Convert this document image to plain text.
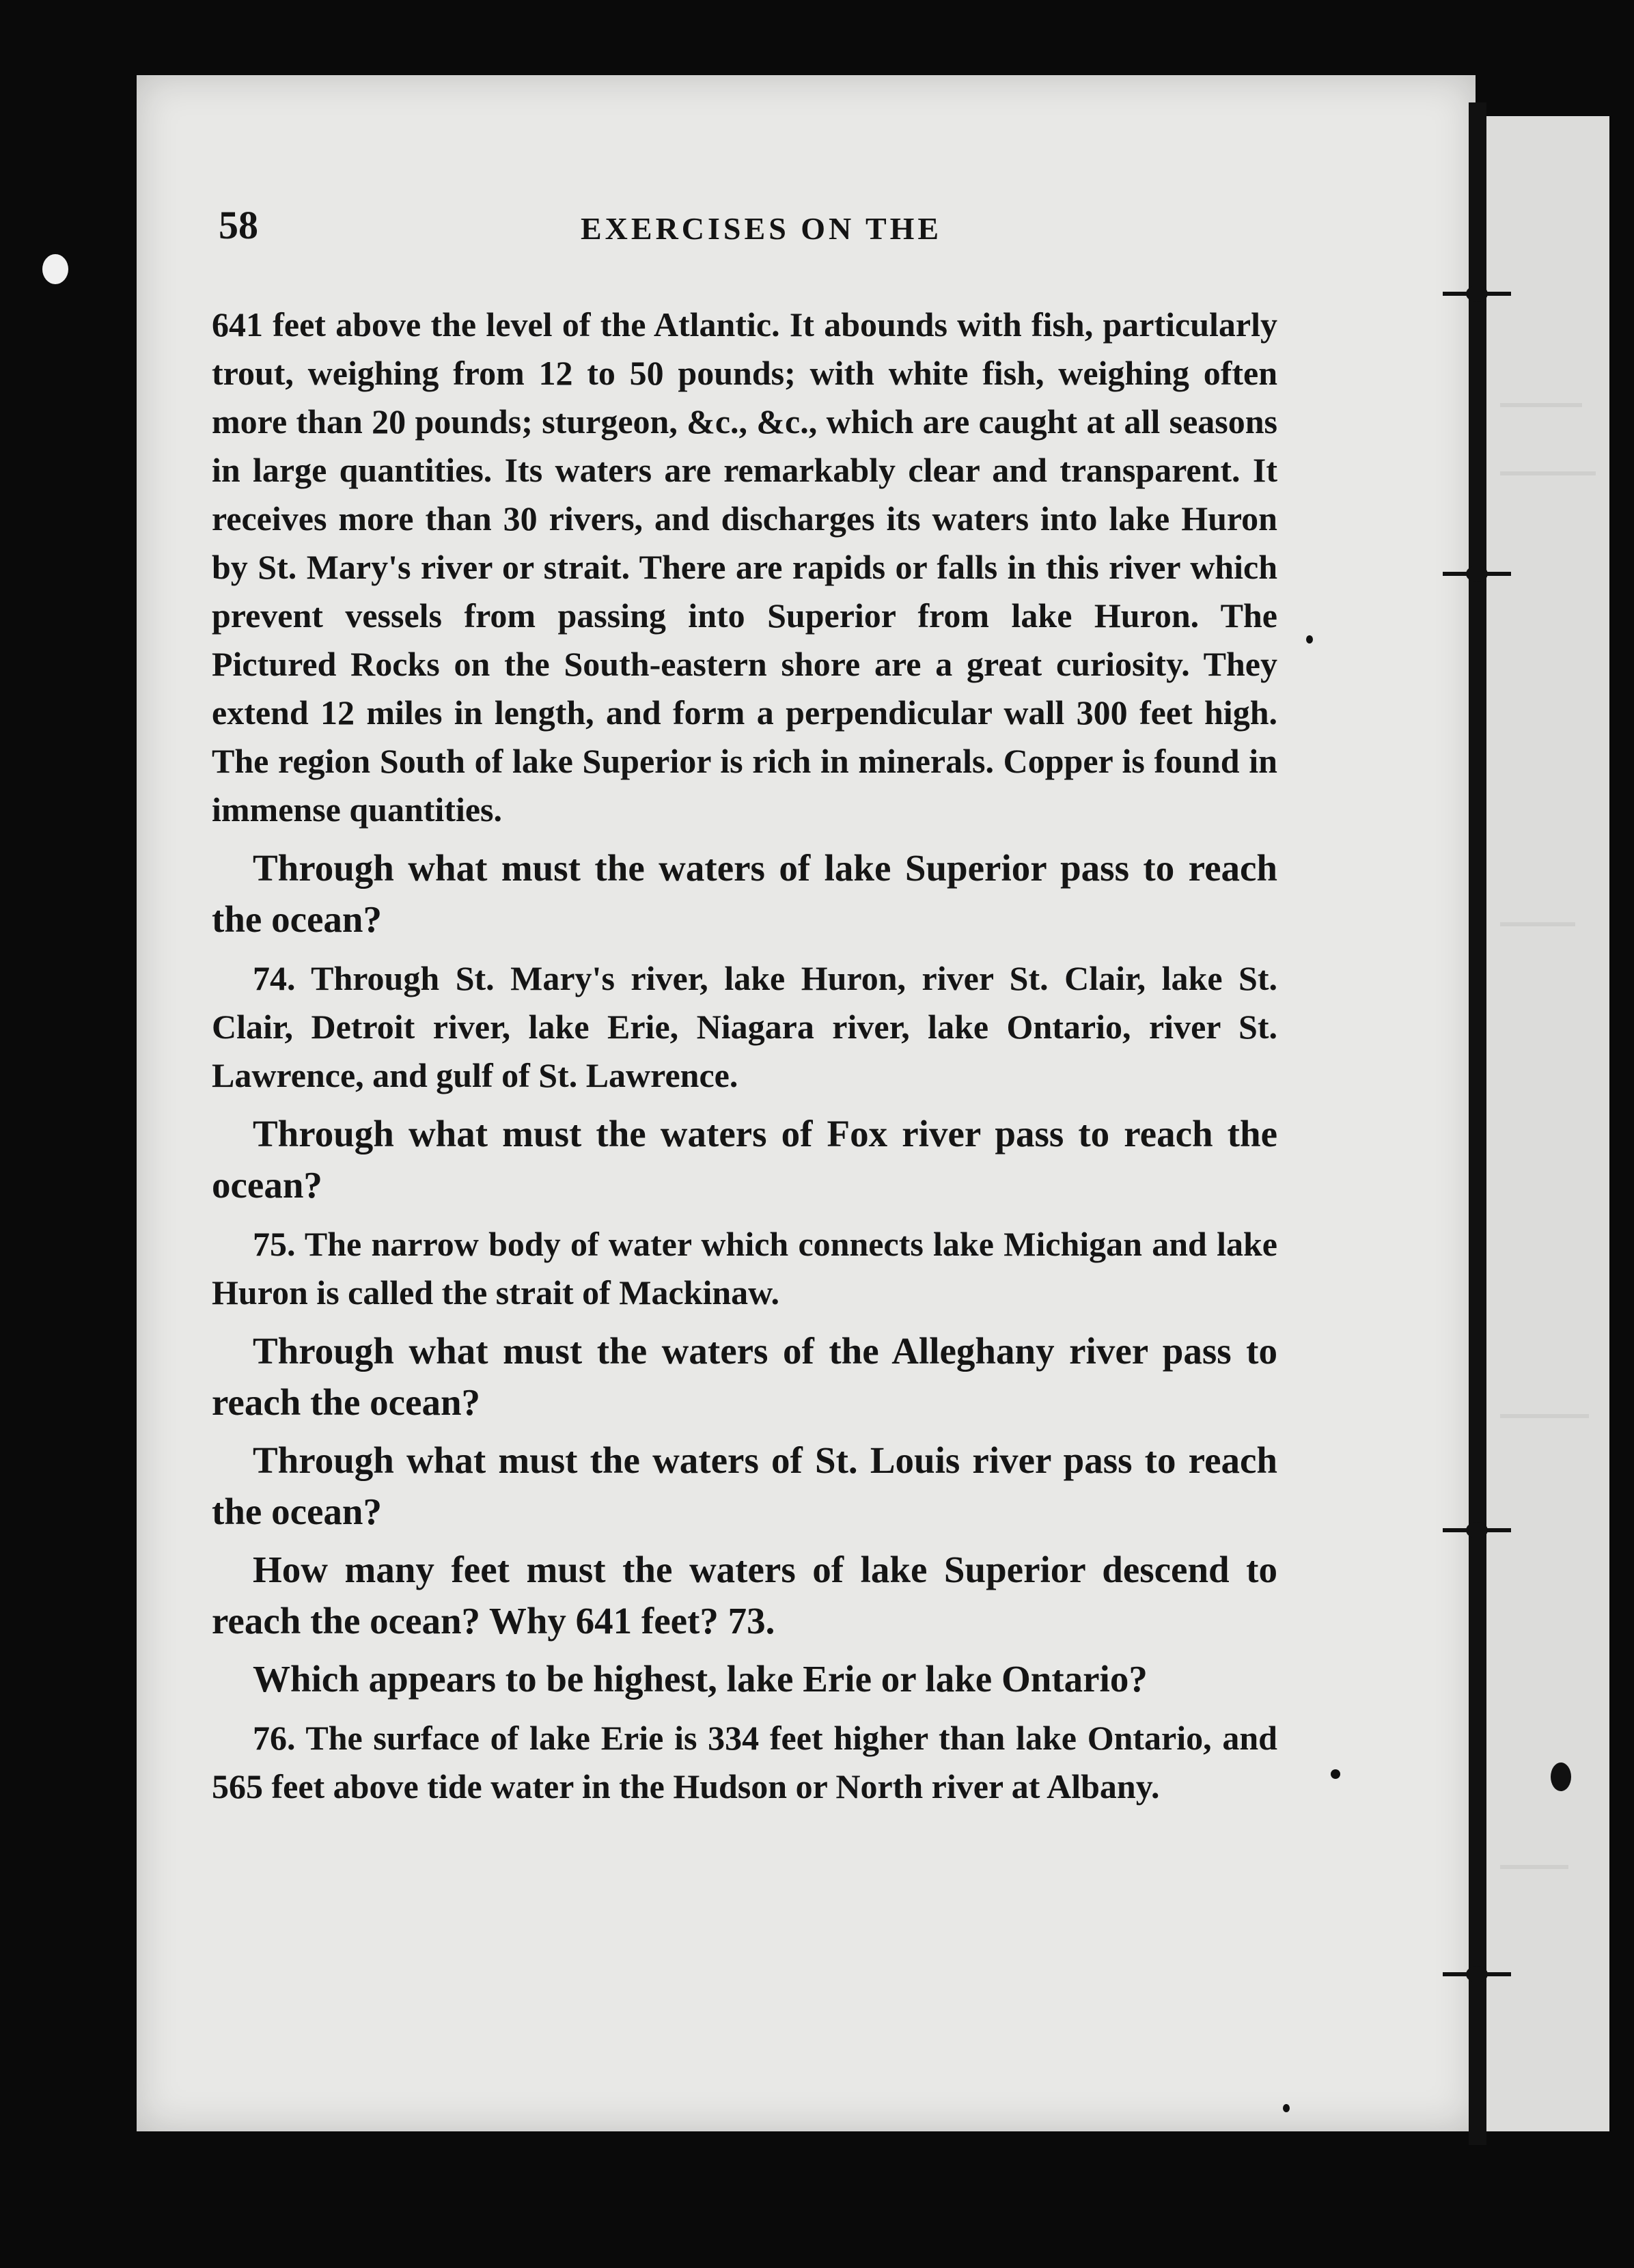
58	EXERCISES ON THE

641 feet above the level of the Atlantic. It abounds with fish, particularly trout, weighing from 12 to 50 pounds; with white fish, weighing often more than 20 pounds; sturgeon, &c., &c., which are caught at all seasons in large quantities. Its waters are remarkably clear and transparent. It receives more than 30 rivers, and discharges its waters into lake Huron by St. Mary's river or strait. There are rapids or falls in this river which prevent vessels from passing into Superior from lake Huron. The Pictured Rocks on the South-eastern shore are a great curiosity. They extend 12 miles in length, and form a perpendicular wall 300 feet high. The region South of lake Superior is rich in minerals. Copper is found in immense quantities.

Through what must the waters of lake Superior pass to reach the ocean?

74. Through St. Mary's river, lake Huron, river St. Clair, lake St. Clair, Detroit river, lake Erie, Niagara river, lake Ontario, river St. Lawrence, and gulf of St. Lawrence.

Through what must the waters of Fox river pass to reach the ocean?

75. The narrow body of water which connects lake Michigan and lake Huron is called the strait of Mackinaw.

Through what must the waters of the Alleghany river pass to reach the ocean?

Through what must the waters of St. Louis river pass to reach the ocean?

How many feet must the waters of lake Superior descend to reach the ocean? Why 641 feet? 73.

Which appears to be highest, lake Erie or lake Ontario?

76. The surface of lake Erie is 334 feet higher than lake Ontario, and 565 feet above tide water in the Hudson or North river at Albany.
